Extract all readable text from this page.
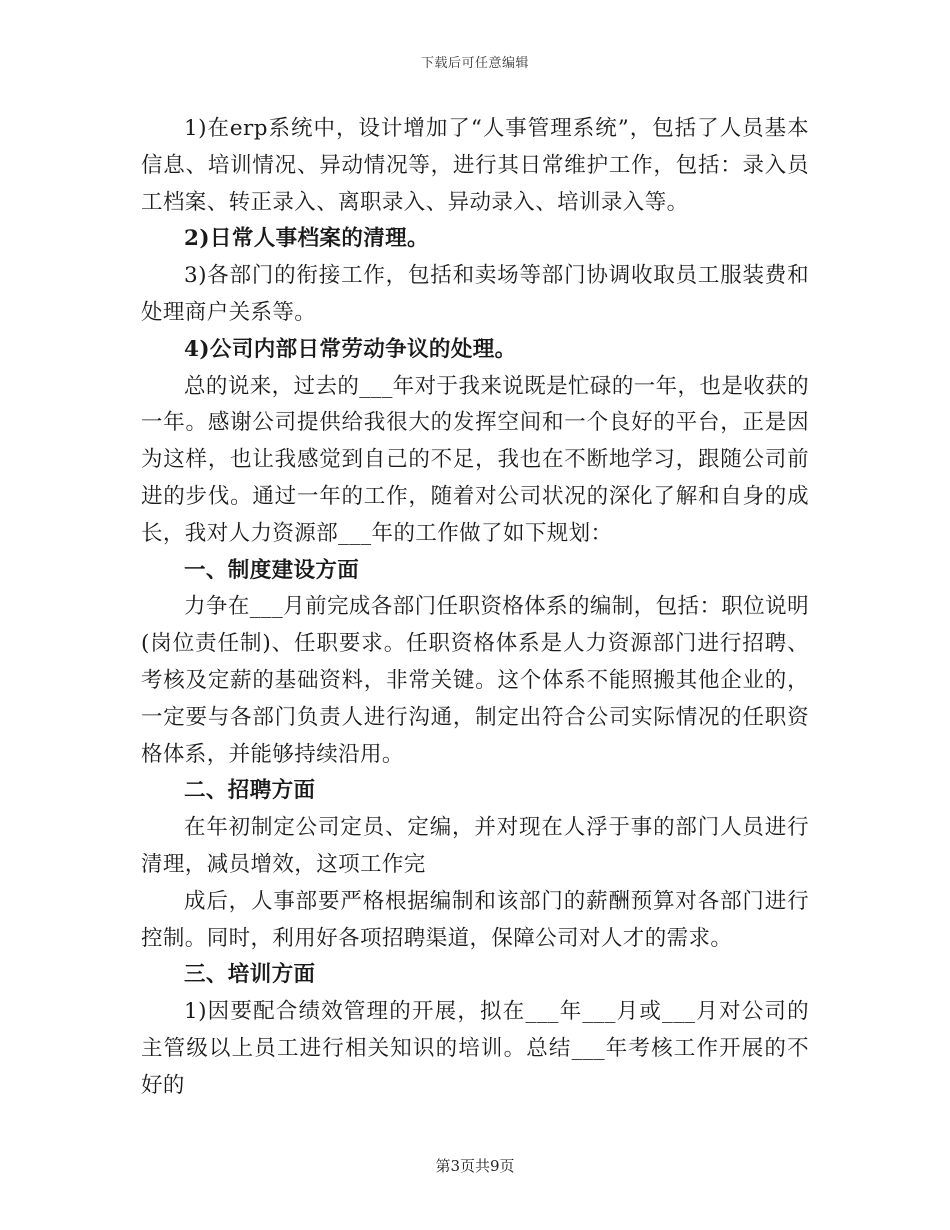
下载后可任意编辑

1)在erp系统中，设计增加了“人事管理系统”，包括了人员基本信息、培训情况、异动情况等，进行其日常维护工作，包括：录入员工档案、转正录入、离职录入、异动录入、培训录入等。

2)日常人事档案的清理。

3)各部门的衔接工作，包括和卖场等部门协调收取员工服装费和处理商户关系等。

4)公司内部日常劳动争议的处理。

总的说来，过去的___年对于我来说既是忙碌的一年，也是收获的一年。感谢公司提供给我很大的发挥空间和一个良好的平台，正是因为这样，也让我感觉到自己的不足，我也在不断地学习，跟随公司前进的步伐。通过一年的工作，随着对公司状况的深化了解和自身的成长，我对人力资源部___年的工作做了如下规划：

一、制度建设方面

力争在___月前完成各部门任职资格体系的编制，包括：职位说明(岗位责任制)、任职要求。任职资格体系是人力资源部门进行招聘、考核及定薪的基础资料，非常关键。这个体系不能照搬其他企业的，一定要与各部门负责人进行沟通，制定出符合公司实际情况的任职资格体系，并能够持续沿用。

二、招聘方面

在年初制定公司定员、定编，并对现在人浮于事的部门人员进行清理，减员增效，这项工作完

成后，人事部要严格根据编制和该部门的薪酬预算对各部门进行控制。同时，利用好各项招聘渠道，保障公司对人才的需求。

三、培训方面

1)因要配合绩效管理的开展，拟在___年___月或___月对公司的主管级以上员工进行相关知识的培训。总结___年考核工作开展的不好的

第3页共9页
